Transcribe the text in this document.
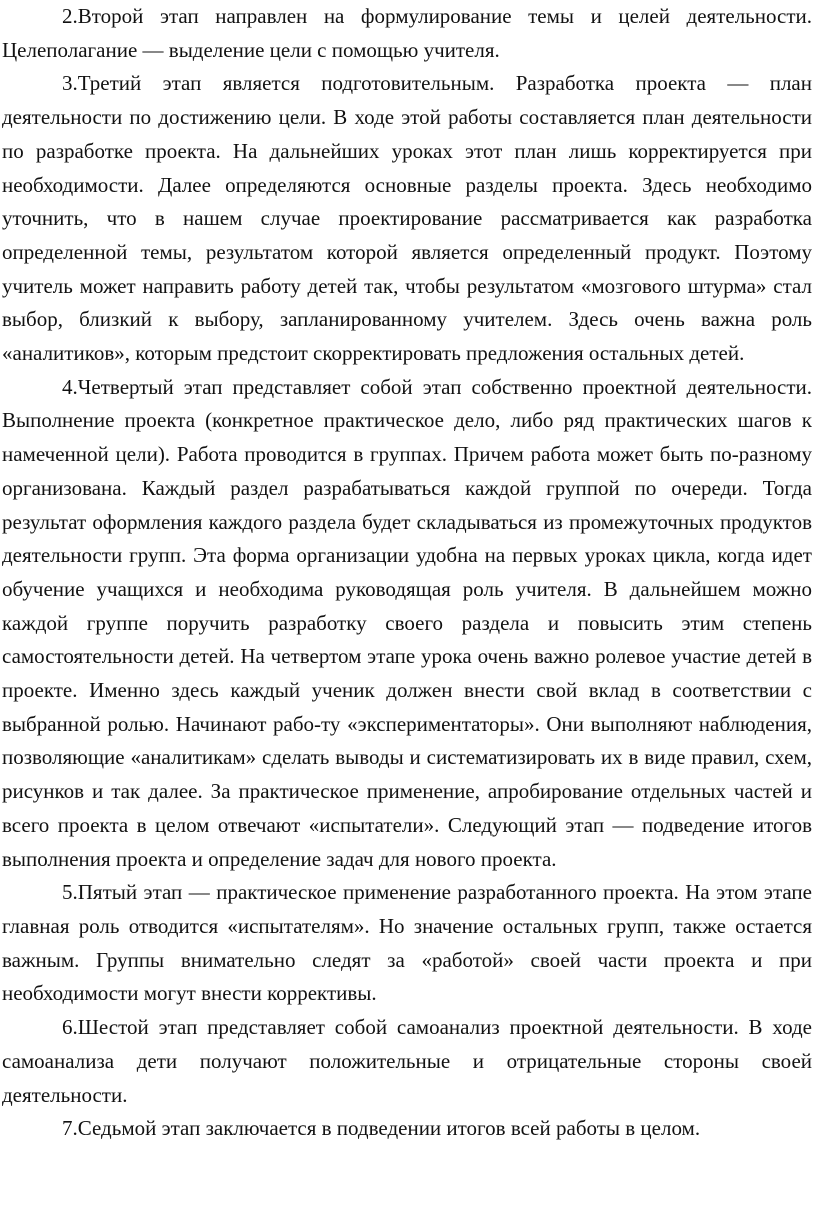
2.Второй этап направлен на формулирование темы и целей деятельности. Целеполагание — выделение цели с помощью учителя.

3.Третий этап является подготовительным. Разработка проекта — план деятельности по достижению цели. В ходе этой работы составляется план деятельности по разработке проекта. На дальнейших уроках этот план лишь корректируется при необходимости. Далее определяются основные разделы проекта. Здесь необходимо уточнить, что в нашем случае проектирование рассматривается как разработка определенной темы, результатом которой является определенный продукт. Поэтому учитель может направить работу детей так, чтобы результатом «мозгового штурма» стал выбор, близкий к выбору, запланированному учителем. Здесь очень важна роль «аналитиков», которым предстоит скорректировать предложения остальных детей.

4.Четвертый этап представляет собой этап собственно проектной деятельности. Выполнение проекта (конкретное практическое дело, либо ряд практических шагов к намеченной цели). Работа проводится в группах. Причем работа может быть по-разному организована. Каждый раздел разрабатываться каждой группой по очереди. Тогда результат оформления каждого раздела будет складываться из промежуточных продуктов деятельности групп. Эта форма организации удобна на первых уроках цикла, когда идет обучение учащихся и необходима руководящая роль учителя. В дальнейшем можно каждой группе поручить разработку своего раздела и повысить этим степень самостоятельности детей. На четвертом этапе урока очень важно ролевое участие детей в проекте. Именно здесь каждый ученик должен внести свой вклад в соответствии с выбранной ролью. Начинают рабо-ту «экспериментаторы». Они выполняют наблюдения, позволяющие «аналитикам» сделать выводы и систематизировать их в виде правил, схем, рисунков и так далее. За практическое применение, апробирование отдельных частей и всего проекта в целом отвечают «испытатели». Следующий этап — подведение итогов выполнения проекта и определение задач для нового проекта.

5.Пятый этап — практическое применение разработанного проекта. На этом этапе главная роль отводится «испытателям». Но значение остальных групп, также остается важным. Группы внимательно следят за «работой» своей части проекта и при необходимости могут внести коррективы.

6.Шестой этап представляет собой самоанализ проектной деятельности. В ходе самоанализа дети получают положительные и отрицательные стороны своей деятельности.

7.Седьмой этап заключается в подведении итогов всей работы в целом.
